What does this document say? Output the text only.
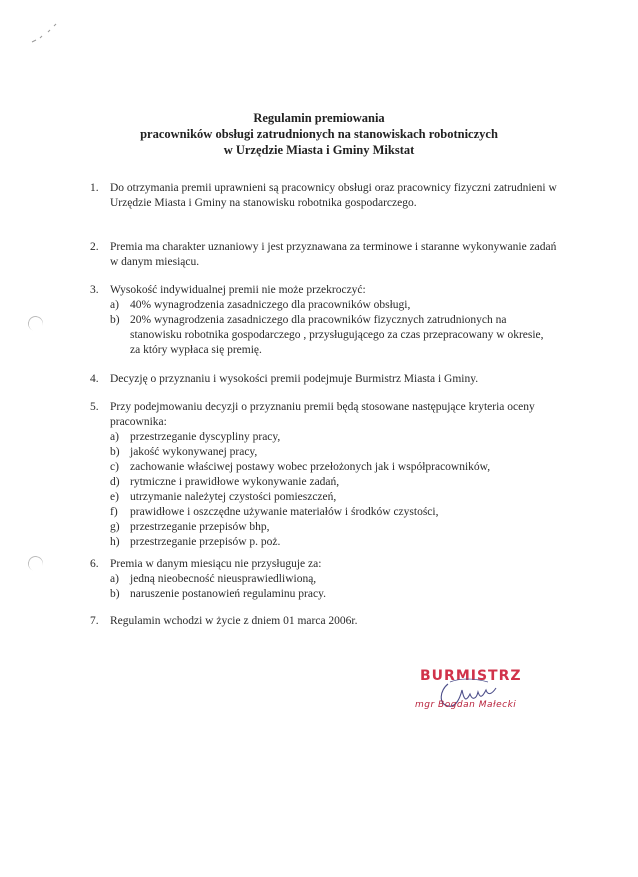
Regulamin premiowania
pracowników obsługi zatrudnionych na stanowiskach robotniczych
w Urzędzie Miasta i Gminy Mikstat
1. Do otrzymania premii uprawnieni są pracownicy obsługi oraz pracownicy fizyczni zatrudnieni w Urzędzie Miasta i Gminy na stanowisku robotnika gospodarczego.
2. Premia ma charakter uznaniowy i jest przyznawana za terminowe i staranne wykonywanie zadań w danym miesiącu.
3. Wysokość indywidualnej premii nie może przekroczyć:
a) 40% wynagrodzenia zasadniczego dla pracowników obsługi,
b) 20% wynagrodzenia zasadniczego dla pracowników fizycznych zatrudnionych na stanowisku robotnika gospodarczego , przysługującego za czas przepracowany w okresie, za który wypłaca się premię.
4. Decyzję o przyznaniu i wysokości premii podejmuje Burmistrz Miasta i Gminy.
5. Przy podejmowaniu decyzji o przyznaniu premii będą stosowane następujące kryteria oceny pracownika:
a) przestrzeganie dyscypliny pracy,
b) jakość wykonywanej pracy,
c) zachowanie właściwej postawy wobec przełożonych jak i współpracowników,
d) rytmiczne i prawidłowe wykonywanie zadań,
e) utrzymanie należytej czystości pomieszczeń,
f) prawidłowe i oszczędne używanie materiałów i środków czystości,
g) przestrzeganie przepisów bhp,
h) przestrzeganie przepisów p. poż.
6. Premia w danym miesiącu nie przysługuje za:
a) jedną nieobecność nieusprawiedliwioną,
b) naruszenie postanowień regulaminu pracy.
7. Regulamin wchodzi w życie z dniem 01 marca 2006r.
BURMISTRZ
mgr Bogdan Małecki
